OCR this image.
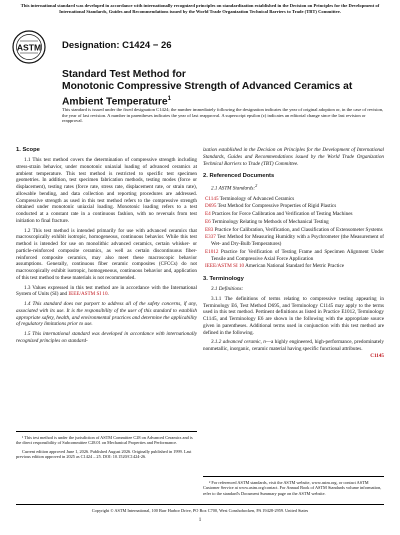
This international standard was developed in accordance with internationally recognized principles on standardization established in the Decision on Principles for the Development of International Standards, Guides and Recommendations issued by the World Trade Organization Technical Barriers to Trade (TBT) Committee.
ASTM Designation: C1424 − 26
Standard Test Method for
Monotonic Compressive Strength of Advanced Ceramics at
Ambient Temperature$^1$

This standard is issued under the fixed designation C1424; the number immediately following the designation indicates the year of original adoption or, in the case of revision, the year of last revision. A number in parentheses indicates the year of last reapproval. A superscript epsilon (ε) indicates an editorial change since the last revision or reapproval.

1. Scope

1.1 This test method covers the determination of compressive strength including stress-strain behavior, under monotonic uniaxial loading of advanced ceramics at ambient temperature. This test method is restricted to specific test specimen geometries. In addition, test specimen fabrication methods, testing modes (force or displacement), testing rates (force rate, stress rate, displacement rate, or strain rate), allowable bending, and data collection and reporting procedures are addressed. Compressive strength as used in this test method refers to the compressive strength obtained under monotonic uniaxial loading. Monotonic loading refers to a test conducted at a constant rate in a continuous fashion, with no reversals from test initiation to final fracture.

1.2 This test method is intended primarily for use with advanced ceramics that macroscopically exhibit isotropic, homogeneous, continuous behavior. While this test method is intended for use on monolithic advanced ceramics, certain whisker- or particle-reinforced composite ceramics, as well as certain discontinuous fiber-reinforced composite ceramics, may also meet these macroscopic behavior assumptions. Generally, continuous fiber ceramic composites (CFCCs) do not macroscopically exhibit isotropic, homogeneous, continuous behavior and, application of this test method to these materials is not recommended.

1.3 Values expressed in this test method are in accordance with the International System of Units (SI) and IEEE/ASTM SI 10.

1.4 This standard does not purport to address all of the safety concerns, if any, associated with its use. It is the responsibility of the user of this standard to establish appropriate safety, health, and environmental practices and determine the applicability of regulatory limitations prior to use.

1.5 This international standard was developed in accordance with internationally recognized principles on standard-

ization established in the Decision on Principles for the Development of International Standards, Guides and Recommendations issued by the World Trade Organization Technical Barriers to Trade (TBT) Committee.

2. Referenced Documents

2.1 ASTM Standards:$^2$

C1145 Terminology of Advanced Ceramics
D695 Test Method for Compressive Properties of Rigid Plastics
E4 Practices for Force Calibration and Verification of Testing Machines
E6 Terminology Relating to Methods of Mechanical Testing
E83 Practice for Calibration, Verification, and Classification of Extensometer Systems
E337 Test Method for Measuring Humidity with a Psychrometer (the Measurement of Wet- and Dry-Bulb Temperatures)
E1012 Practice for Verification of Testing Frame and Specimen Alignment Under Tensile and Compressive Axial Force Application
IEEE/ASTM SI 10 American National Standard for Metric Practice
3. Terminology

3.1 Definitions:

3.1.1 The definitions of terms relating to compressive testing appearing in Terminology E6, Test Method D695, and Terminology C1145 may apply to the terms used in this test method. Pertinent definitions as listed in Practice E1012, Terminology C1145, and Terminology E6 are shown in the following with the appropriate source given in parentheses. Additional terms used in conjunction with this test method are defined in the following.

3.1.2 advanced ceramic, n—a highly engineered, high-performance, predominately nonmetallic, inorganic, ceramic material having specific functional attributes.
C1145

¹ This test method is under the jurisdiction of ASTM Committee C28 on Advanced Ceramics and is the direct responsibility of Subcommittee C28.01 on Mechanical Properties and Performance.

Current edition approved June 1, 2026. Published August 2026. Originally published in 1999. Last previous edition approved in 2025 as C1424 – 25. DOI: 10.1520/C1424-26.

² For referenced ASTM standards, visit the ASTM website, www.astm.org, or contact ASTM Customer Service at www.astm.org/contact. For Annual Book of ASTM Standards volume information, refer to the standard's Document Summary page on the ASTM website.

Copyright © ASTM International, 100 Barr Harbor Drive, PO Box C700, West Conshohocken, PA 19428-2959. United States
1
